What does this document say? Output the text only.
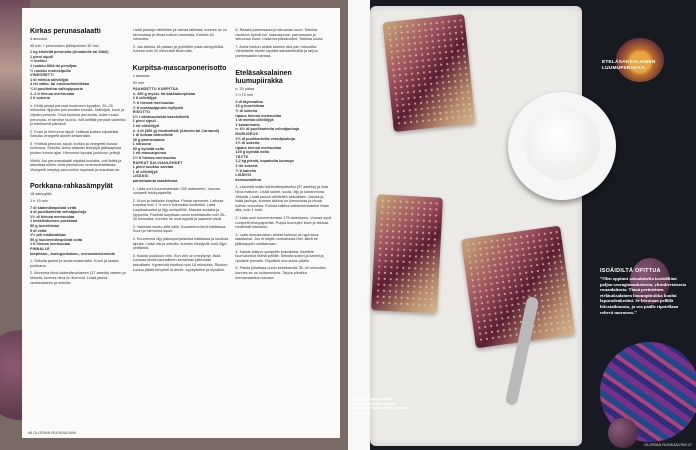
Kirkas perunasalaatti
4 annosta
45 min + perunoiden jäähtyminen 30 min
1 kg kiinteitä perunoita (Annabelle tai Siikli)
1 pieni sipuli
½ kurkku
1 ruukku tilliä tai persiljaa
½ ruukku ruohosipulia
VINEGRETTI
1 dl mietoa oliiviöljyä
4 rkl valko- tai omenaviinietikkaa
¼ tl puolitettua valkopippuria
1–2 tl hienoa merisuolaa
2 tl sokeria

1. Keitä pestyt perunat kuorineen kypsiksi, 20–25 minuuttia riippuen perunoiden koosta. Jäähdytä, kuori ja viipaloi perunat. Ohut kuorisia perunoita, kuten uusia perunoita, ei tarvitse kuoria. Voit keittää perunat valmiiksi jo edellisenä päivänä.

2. Kuori ja hienonna sipuli. Leikkaa kurkku viipaleiksi. Sekoita vinegretti aineet keskenään.

3. Yhdistä perunat, sipuli, kurkku ja vinegretti isossa kulhossa. Sekoita. Anna salaatin tekeytyä jääkaapissa puolen tunnin ajan. Hienonna lopuksi joukkoon yrttejä.

Vinkki Jos perunasalaatti näyttää kuivalta, voit lisätä ja sekoittaa siihen vielä pienikkoon omenaviinietikkaa. Vinegretti imeytyy perunoihin nopeasti ja maustaa ne.

Porkkana-rahkasämpylät
18 sämpylää
1 h 15 min
7 dl kädenlämpöistä vettä
4 dl puolikarkeita vehnäjauhoja
1½ dl hienoa merisuolaa
1 keskikokoinen porkkana
50 g tuorehiivaa
5 dl vettä
1½ prk maitorahkaa
50 g huoneenlämpöistä voita
1 tl hienoa merisuolaa
PINNALLE
kurpitsan-, auringonkukan-, seesaminsiemeniä

1. Sekoita jauhot ja suola keskenään. Kuori ja raasta porkkana.

2. Murenna hiiva kädenlämpöiseen (37 astetta) veteen ja sekoita, kunnes hiiva on liuennut. Lisää jauhot vesiseokseen ja sekoita.

Lisää jauhoja vähitellen ja vaivaa taikinaa, kunnes se on kimmoisaa ja irtoaa kulhon reunoista. Kohota 40 minuuttia.

3. Jaa taikina 18 palaan ja pyörittele palat sämpylöiksi. Kohota noin 20 minuuttia liinan alla.

Kurpitsa-mascarponerisotto
4 annosta
50 min
PAAHDETTU KURPITSA
n. 450 g myski- tai kakkiakurpitsaa
2 tl oliiviöljyä
½ tl hienoa merisuolaa
½ tl mustapippuria myllystä
RISOTTO
1½ l vähäsuolaista kasvislientä
1 pieni sipuli
2 rkl oliiviöljyä
n. 3 dl (300 g) risottoriisiä (Arborio tai Carnaroli)
1 dl kuivaa valkoviiniä
40 g parmesaania
1 sitruuna
50 g kylmää voita
2 rkl mascarponea
1½ tl hienoa merisuolaa
RAPEAT SALVIANLEHDET
1 pieni nuukku salviaa
1 dl oliiviöljyä
LISÄKSI
parmesaania raastettuna

1. Laita uuni kuumenemaan 200 asteeseen. Vuoraa uunipelti leivinpaperilla.

2. Kuori ja halkaise kurpitsa. Poista siemenet. Leikkaa kurpitsa noin 1 ½ cm:n kokoisiksi kuutioiksi. Laita kurpitsakuutiot ja öljy uunipellille. Mausta suolalla ja pippurilla. Paahda kurpitsaa uunin keskitasolla noin 30–40 minuuttia, kunnes ne ovat kypsiä ja saaneet väriä.

3. Valmista risotto sillä välin. Kuumenna liemi kattilassa. Kuori ja hienonna sipuli.

4. Kuumenna öljy paksupohjaisessa kattilassa ja kuullota sipulia. Lisää riisi ja sekoita, kunnes riisinjyvät ovat öljyn peittämiä.

5. Kaada joukkoon viini. Kun viini on imeytynyt, lisää kuumaa lientä kauhallinen kerrallaan jatkuvasti sekoittaen. Kypsennä risottoa noin 18 minuuttia. Risoton kuuluu jäädä kevyesti al dente -kypsyiseksi ja löysäksi.

6. Raasta parmesaani ja sitruunan kuori. Sekoita risottoon kylmä voi, mascarpone, parmesaani ja sitruunan kuori. Lisää kurpitsakuutiot. Tarkista suola.

7. Anna risoton seistä kannen alla pari minuuttia. Viimeistele risotto rapeilla salvianlehdillä ja tarjoa parmesaanin kanssa.

Eteläsaksalainen luumupiirakka
n. 20 palaa
1 h 10 min
2 dl täysmaitoa
15 g tuorehiivaa
½ dl sokeria
ripaus hienoa merisuolaa
1 dl mietoa oliiviöljyä
1 kananmuna
n. 6½ dl puolikarkeita vehnäjauhoja
MURUSEOS
2½ dl puolikarkeita vehnäjauhoja
1½ dl sokeria
ripaus hienoa merisuolaa
125 g kylmää voita
TÄYTE
1,2 kg pieniä, kopakoita luumuja
2 rkl sokeria
½ tl kanelia
LISÄKSI
kermavaahtoa

1. Lämmitä maito kädenlämpöiseksi (37 astetta) ja liota hiiva maitoon. Lisää sokeri, suola, öljy ja kananmuna. Sekoita. Lisää jauhot vähitellen sekoittaen. Vaivaa ja lisää jauhoja, kunnes taikina on kimmoisaa ja irtoaa kulhon reunoista. Kohota taikina kaksinkertaiseksi liinan alla, noin 1 tunti.

2. Laita uuni kuumenemaan 175 asteeseen. Vuoraa syvä uunipelti leivinpaperilla. Pulpia luumujen kivet ja leikkaa hedelmät lohkoiksi.

3. Laita muruseoksen aineet kulhoon ja nypi seos tasaiseksi. Jos et käytä muruseosta heti, siirrä se jääkaappiin odottamaan.

4. Kaada taikina uunipellin kokoiseksi. Asettele luumulohkot tiiviisti pellille. Sekoita sokeri ja kaneli ja ripottele pinnalle. Ripottele muruseos päälle.

5. Paista piirakkaa uunin keskitasolla 35–40 minuuttia, kunnes se on kullanruskea. Tarjoa piirakka kermavaahdon kanssa.

46 GLORIAN RUOKA&VIINI
ETELÄSAKSALAINEN LUUMUPIIRAKKA
ISOÄIDILTÄ OPITTUA
”Olen oppinut saksalaiselta isoäidiltäni paljon sesonginmukaisesta, yksinkertaisesta ruuanlaitosta. Tämä perinteinen eteläsaksalainen luumupiirakka kuului lapsuudenkesiini. Se leivotaan pellillä hiivataikinasta, ja sen päälle ripotellaan rehevä muruseos.”
Mehevien hapanmaiden luumupiirakkaan sopivat luumujen rinnalla myös omenat ja päärynä.
GLORIAN RUOKA&VIINI 47
